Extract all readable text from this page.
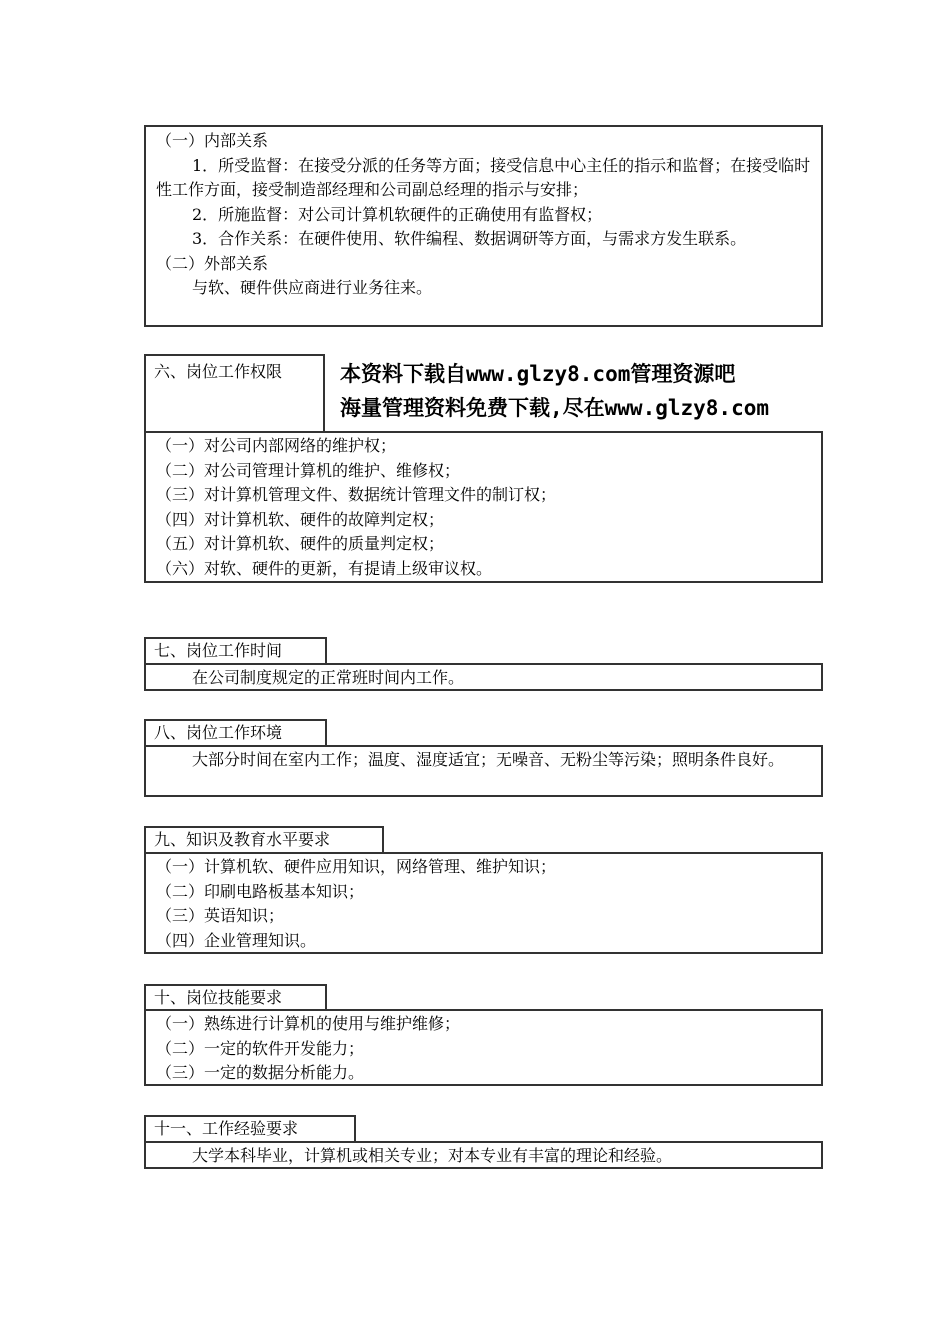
（一）内部关系

1．所受监督：在接受分派的任务等方面；接受信息中心主任的指示和监督；在接受临时性工作方面，接受制造部经理和公司副总经理的指示与安排；

2．所施监督：对公司计算机软硬件的正确使用有监督权；

3．合作关系：在硬件使用、软件编程、数据调研等方面，与需求方发生联系。

（二）外部关系

与软、硬件供应商进行业务往来。

六、岗位工作权限	本资料下载自www.glzy8.com管理资源吧
海量管理资料免费下载,尽在www.glzy8.com

（一）对公司内部网络的维护权；

（二）对公司管理计算机的维护、维修权；

（三）对计算机管理文件、数据统计管理文件的制订权；

（四）对计算机软、硬件的故障判定权；

（五）对计算机软、硬件的质量判定权；

（六）对软、硬件的更新，有提请上级审议权。

七、岗位工作时间

在公司制度规定的正常班时间内工作。

八、岗位工作环境

大部分时间在室内工作；温度、湿度适宜；无噪音、无粉尘等污染；照明条件良好。

九、知识及教育水平要求

（一）计算机软、硬件应用知识，网络管理、维护知识；

（二）印刷电路板基本知识；

（三）英语知识；

（四）企业管理知识。

十、岗位技能要求

（一）熟练进行计算机的使用与维护维修；

（二）一定的软件开发能力；

（三）一定的数据分析能力。

十一、工作经验要求

大学本科毕业，计算机或相关专业；对本专业有丰富的理论和经验。
